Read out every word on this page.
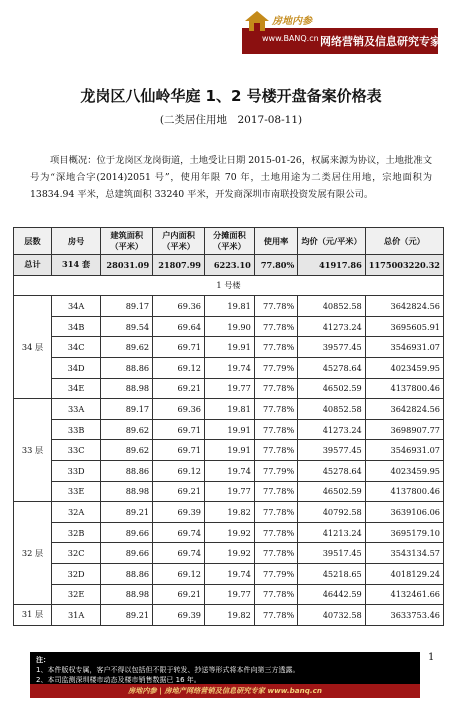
房地内参
www.BANQ.cn 网络营销及信息研究专家
龙岗区八仙岭华庭 1、2 号楼开盘备案价格表
(二类居住用地　2017-08-11)
项目概况：位于龙岗区龙岗街道，土地受让日期 2015-01-26，权属来源为协议，土地批准文号为“深地合字(2014)2051 号”，使用年限 70 年，土地用途为二类居住用地，宗地面积为 13834.94 平米，总建筑面积 33240 平米，开发商深圳市南联投资发展有限公司。
层数	房号	建筑面积（平米）	户内面积（平米）	分摊面积（平米）	使用率	均价（元/平米）	总价（元）
总计	314 套	28031.09	21807.99	6223.10	77.80%	41917.86	1175003220.32
1 号楼							
34 层	34A	89.17	69.36	19.81	77.78%	40852.58	3642824.56
	34B	89.54	69.64	19.90	77.78%	41273.24	3695605.91
	34C	89.62	69.71	19.91	77.78%	39577.45	3546931.07
	34D	88.86	69.12	19.74	77.79%	45278.64	4023459.95
	34E	88.98	69.21	19.77	77.78%	46502.59	4137800.46
33 层	33A	89.17	69.36	19.81	77.78%	40852.58	3642824.56
	33B	89.62	69.71	19.91	77.78%	41273.24	3698907.77
	33C	89.62	69.71	19.91	77.78%	39577.45	3546931.07
	33D	88.86	69.12	19.74	77.79%	45278.64	4023459.95
	33E	88.98	69.21	19.77	77.78%	46502.59	4137800.46
32 层	32A	89.21	69.39	19.82	77.78%	40792.58	3639106.06
	32B	89.66	69.74	19.92	77.78%	41213.24	3695179.10
	32C	89.66	69.74	19.92	77.78%	39517.45	3543134.57
	32D	88.86	69.12	19.74	77.79%	45218.65	4018129.24
	32E	88.98	69.21	19.77	77.78%	46442.59	4132461.66
31 层	31A	89.21	69.39	19.82	77.78%	40732.58	3633753.46
注：
1、本件版权专属，客户不得以包括但不限于转发、抄送等形式将本件向第三方透露。
2、本司监测深圳楼市动态及楼市销售数据已 16 年。
1
房地内参 | 房地产网络营销及信息研究专家 www.banq.cn
